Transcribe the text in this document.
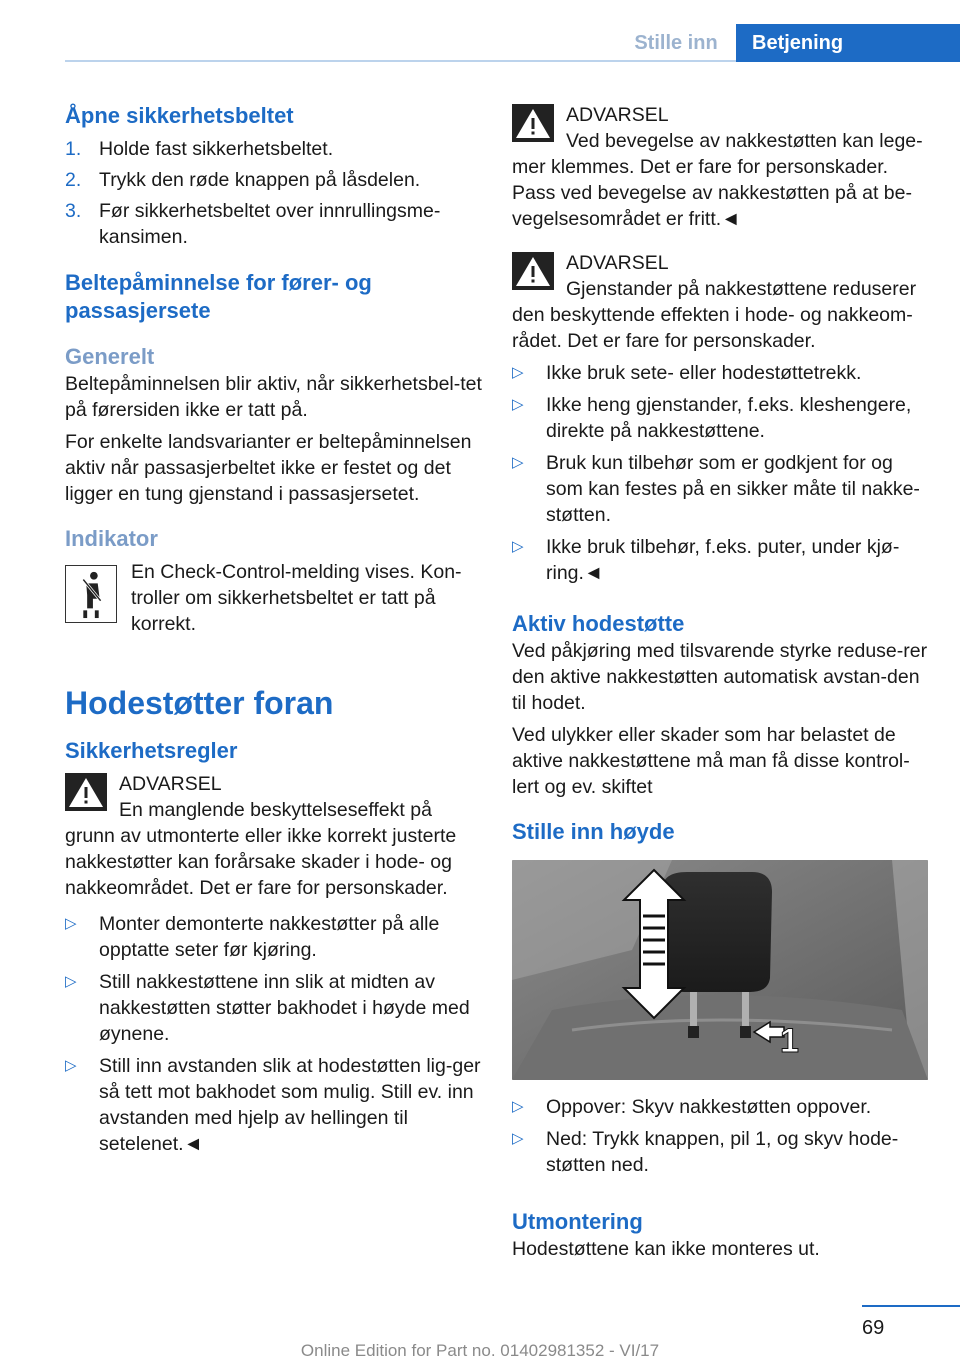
Stille inn	Betjening
Åpne sikkerhetsbeltet
1. Holde fast sikkerhetsbeltet.
2. Trykk den røde knappen på låsdelen.
3. Før sikkerhetsbeltet over innrullingsme-kansimen.
Beltepåminnelse for fører- og passasjersete
Generelt

Beltepåminnelsen blir aktiv, når sikkerhetsbel-tet på førersiden ikke er tatt på.

For enkelte landsvarianter er beltepåminnelsen aktiv når passasjerbeltet ikke er festet og det ligger en tung gjenstand i passasjersetet.

Indikator

En Check-Control-melding vises. Kon-troller om sikkerhetsbeltet er tatt på korrekt.

Hodestøtter foran
Sikkerhetsregler
ADVARSEL
En manglende beskyttelseseffekt på grunn av utmonterte eller ikke korrekt justerte nakkestøtter kan forårsake skader i hode- og nakkeområdet. Det er fare for personskader.
▷ Monter demonterte nakkestøtter på alle opptatte seter før kjøring.
▷ Still nakkestøttene inn slik at midten av nakkestøtten støtter bakhodet i høyde med øynene.
▷ Still inn avstanden slik at hodestøtten lig-ger så tett mot bakhodet som mulig. Still ev. inn avstanden med hjelp av hellingen til setelenet.◄
ADVARSEL
Ved bevegelse av nakkestøtten kan lege-mer klemmes. Det er fare for personskader. Pass ved bevegelse av nakkestøtten på at be-vegelsesområdet er fritt.◄
ADVARSEL
Gjenstander på nakkestøttene reduserer den beskyttende effekten i hode- og nakkeom-rådet. Det er fare for personskader.
▷ Ikke bruk sete- eller hodestøttetrekk.
▷ Ikke heng gjenstander, f.eks. kleshengere, direkte på nakkestøttene.
▷ Bruk kun tilbehør som er godkjent for og som kan festes på en sikker måte til nakke-støtten.
▷ Ikke bruk tilbehør, f.eks. puter, under kjø-ring.◄
Aktiv hodestøtte

Ved påkjøring med tilsvarende styrke reduse-rer den aktive nakkestøtten automatisk avstan-den til hodet.

Ved ulykker eller skader som har belastet de aktive nakkestøttene må man få disse kontrol-lert og ev. skiftet

Stille inn høyde
1
▷ Oppover: Skyv nakkestøtten oppover.
▷ Ned: Trykk knappen, pil 1, og skyv hode-støtten ned.
Utmontering

Hodestøttene kan ikke monteres ut.

69
Online Edition for Part no. 01402981352 - VI/17
